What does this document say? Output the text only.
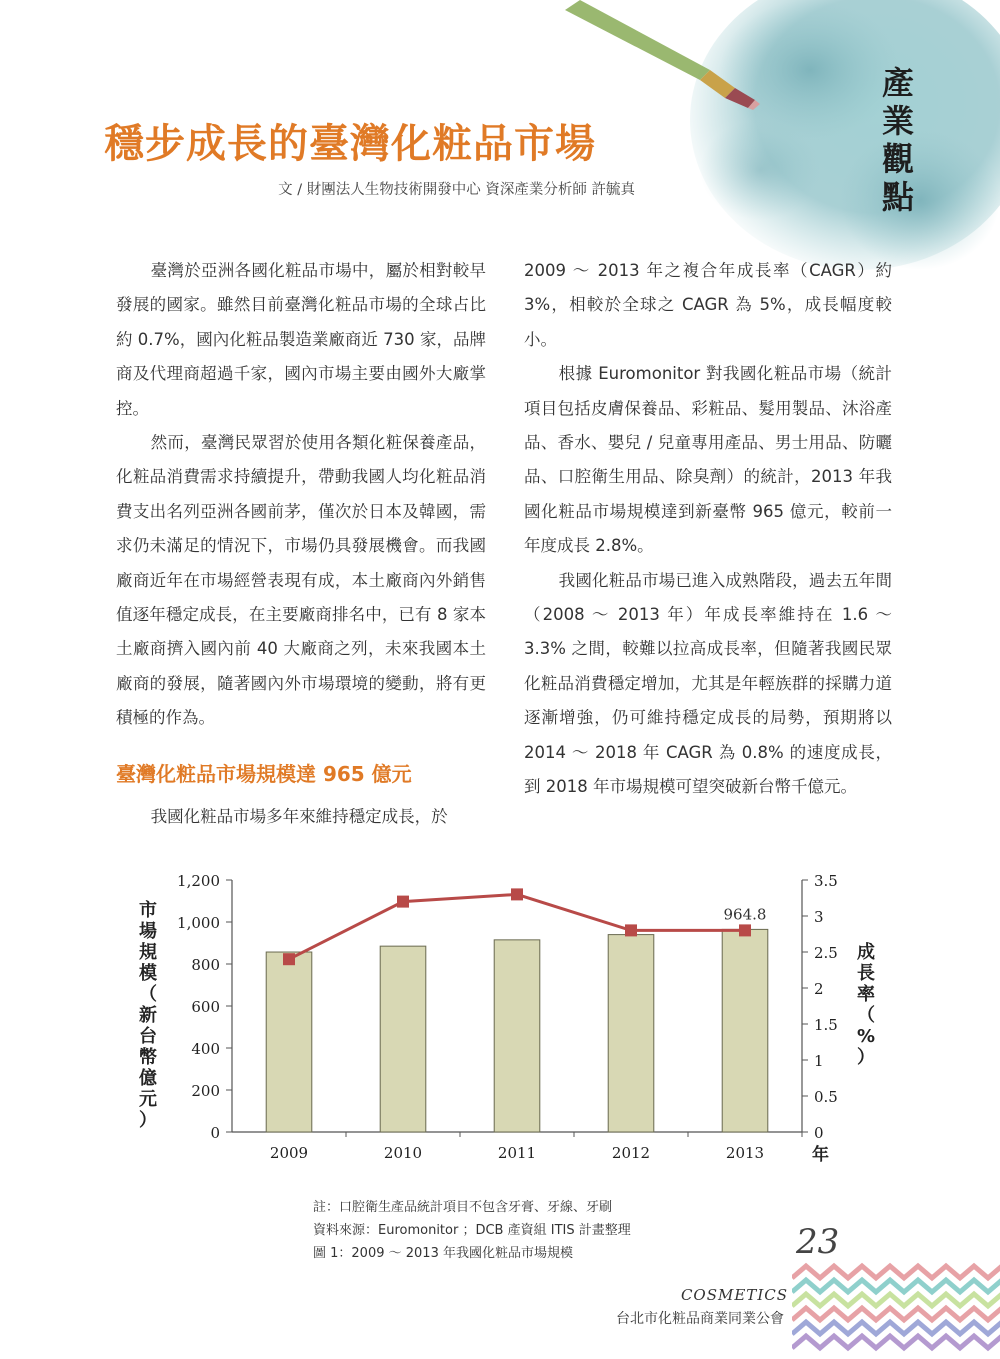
產
業
觀
點
穩步成長的臺灣化粧品市場
文 / 財團法人生物技術開發中心 資深產業分析師 許毓真

臺灣於亞洲各國化粧品市場中，屬於相對較早發展的國家。雖然目前臺灣化粧品市場的全球占比約 0.7%，國內化粧品製造業廠商近 730 家，品牌商及代理商超過千家，國內市場主要由國外大廠掌控。

然而，臺灣民眾習於使用各類化粧保養產品，化粧品消費需求持續提升，帶動我國人均化粧品消費支出名列亞洲各國前茅，僅次於日本及韓國，需求仍未滿足的情況下，市場仍具發展機會。而我國廠商近年在市場經營表現有成，本土廠商內外銷售值逐年穩定成長，在主要廠商排名中，已有 8 家本土廠商擠入國內前 40 大廠商之列，未來我國本土廠商的發展，隨著國內外市場環境的變動，將有更積極的作為。

臺灣化粧品市場規模達 965 億元

我國化粧品市場多年來維持穩定成長，於

2009 ～ 2013 年之複合年成長率（CAGR）約 3%，相較於全球之 CAGR 為 5%，成長幅度較小。

根據 Euromonitor 對我國化粧品市場（統計項目包括皮膚保養品、彩粧品、髮用製品、沐浴產品、香水、嬰兒 / 兒童專用產品、男士用品、防曬品、口腔衛生用品、除臭劑）的統計，2013 年我國化粧品市場規模達到新臺幣 965 億元，較前一年度成長 2.8%。

我國化粧品市場已進入成熟階段，過去五年間（2008 ～ 2013 年）年成長率維持在 1.6 ～ 3.3% 之間，較難以拉高成長率，但隨著我國民眾化粧品消費穩定增加，尤其是年輕族群的採購力道逐漸增強，仍可維持穩定成長的局勢，預期將以 2014 ～ 2018 年 CAGR 為 0.8% 的速度成長，到 2018 年市場規模可望突破新台幣千億元。

0
200
400
600
800
1,000
1,200
0
0.5
1
1.5
2
2.5
3
3.5
2009	2010	2011	2012	2013
964.8
年
市場規模（新台幣億元）
成長率（%）
註：口腔衛生產品統計項目不包含牙膏、牙線、牙刷
資料來源：Euromonitor ；DCB 產資組 ITIS 計畫整理
圖 1：2009 ～ 2013 年我國化粧品市場規模	23
COSMETICS
台北市化粧品商業同業公會
